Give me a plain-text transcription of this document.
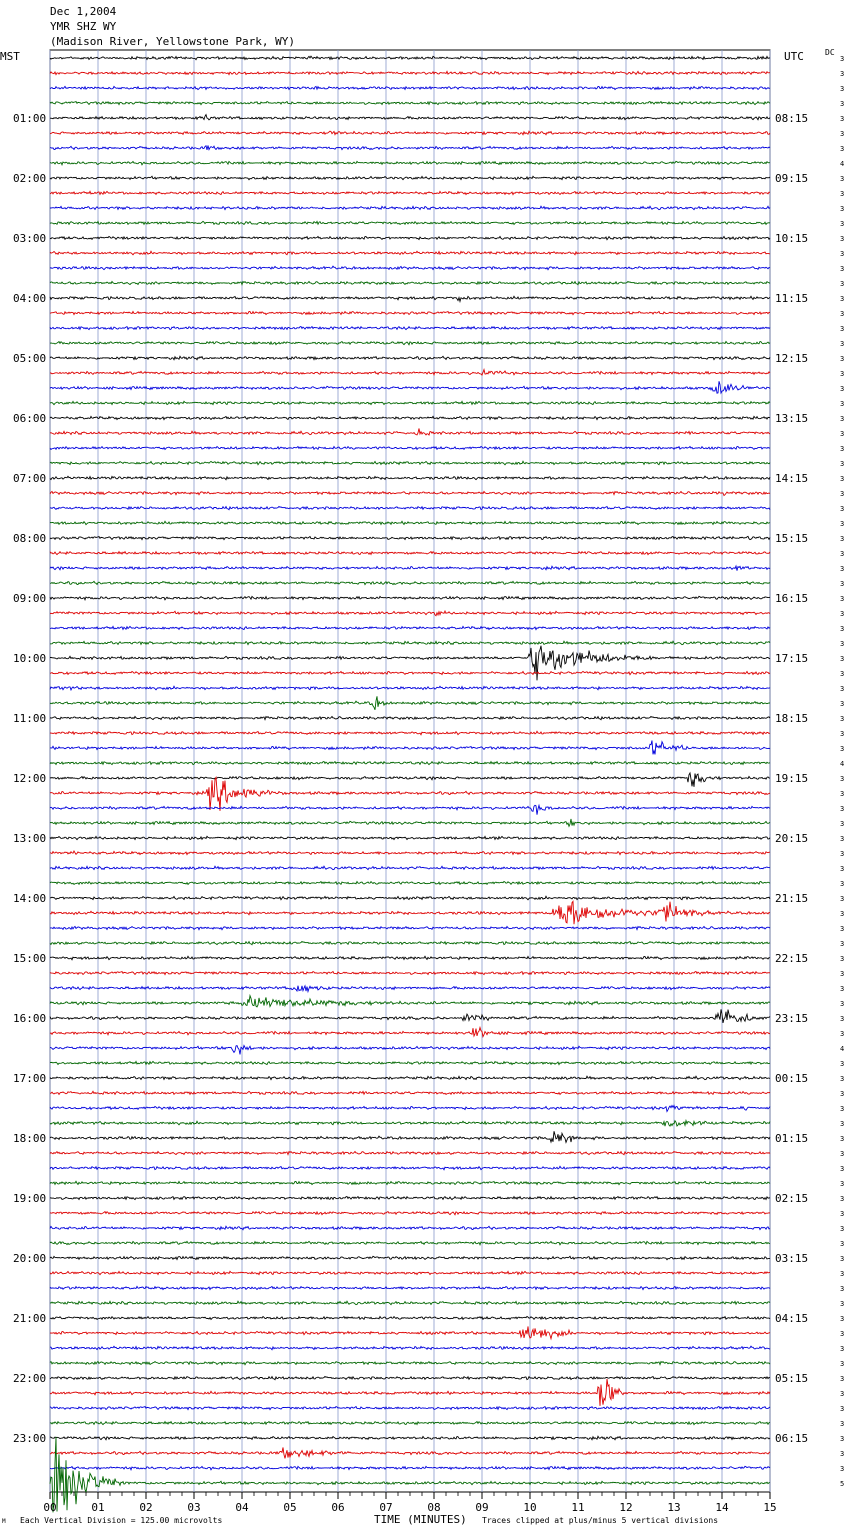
01:00
02:00
03:00
04:00
05:00
06:00
07:00
08:00
09:00
10:00
11:00
12:00
13:00
14:00
15:00
16:00
17:00
18:00
19:00
20:00
21:00
22:00
23:00
08:15
09:15
10:15
11:15
12:15
13:15
14:15
15:15
16:15
17:15
18:15
19:15
20:15
21:15
22:15
23:15
00:15
01:15
02:15
03:15
04:15
05:15
06:15
3
3
3
3
3
3
3
4
3
3
3
3
3
3
3
3
3
3
3
3
3
3
3
3
3
3
3
3
3
3
3
3
3
3
3
3
3
3
3
3
3
3
3
3
3
3
3
4
3
3
3
3
3
3
3
3
3
3
3
3
3
3
3
3
3
3
4
3
3
3
3
3
3
3
3
3
3
3
3
3
3
3
3
3
3
3
3
3
3
3
3
3
3
3
3
5
00	01	02	03	04	05	06	07	08	09	10	11	12	13	14	15
Dec 1,2004
YMR SHZ WY
(Madison River, Yellowstone Park, WY)
MST	UTC	DC
TIME (MINUTES)
Each Vertical Division = 125.00 microvolts	Traces clipped at plus/minus 5 vertical divisions
M
